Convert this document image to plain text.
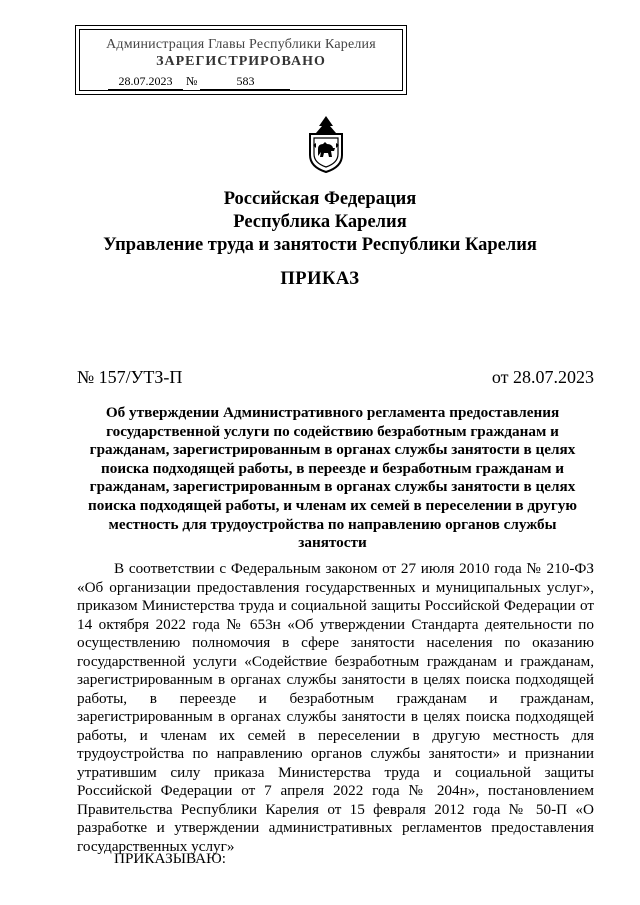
Администрация Главы Республики Карелия
ЗАРЕГИСТРИРОВАНО
28.07.2023 №	583
Российская Федерация
Республика Карелия
Управление труда и занятости Республики Карелия
ПРИКАЗ
№ 157/УТЗ-П	от 28.07.2023
Об утверждении Административного регламента предоставления государственной услуги по содействию безработным гражданам и гражданам, зарегистрированным в органах службы занятости в целях поиска подходящей работы, в переезде и безработным гражданам и гражданам, зарегистрированным в органах службы занятости в целях поиска подходящей работы, и членам их семей в переселении в другую местность для трудоустройства по направлению органов службы занятости

В соответствии с Федеральным законом от 27 июля 2010 года № 210-ФЗ «Об организации предоставления государственных и муниципальных услуг», приказом Министерства труда и социальной защиты Российской Федерации от 14 октября 2022 года № 653н «Об утверждении Стандарта деятельности по осуществлению полномочия в сфере занятости населения по оказанию государственной услуги «Содействие безработным гражданам и гражданам, зарегистрированным в органах службы занятости в целях поиска подходящей работы, в переезде и безработным гражданам и гражданам, зарегистрированным в органах службы занятости в целях поиска подходящей работы, и членам их семей в переселении в другую местность для трудоустройства по направлению органов службы занятости» и признании утратившим силу приказа Министерства труда и социальной защиты Российской Федерации от 7 апреля 2022 года № 204н», постановлением Правительства Республики Карелия от 15 февраля 2012 года № 50-П «О разработке и утверждении административных регламентов предоставления государственных услуг»

ПРИКАЗЫВАЮ:
